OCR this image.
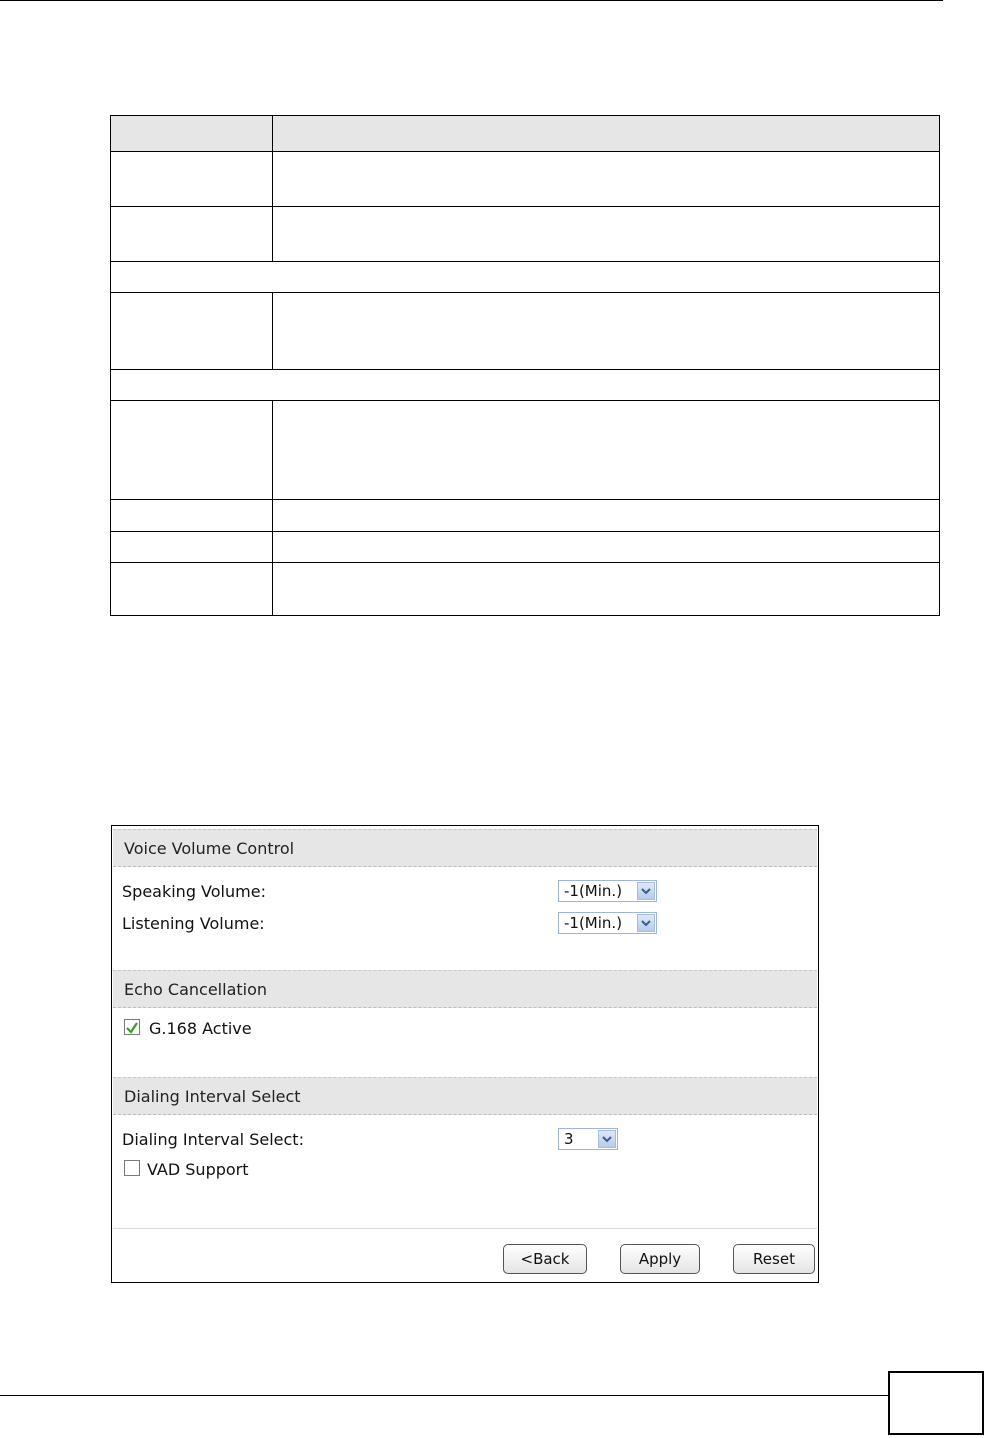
Voice Volume Control
Speaking Volume:	-1(Min.)
Listening Volume:	-1(Min.)
Echo Cancellation
G.168 Active
Dialing Interval Select
Dialing Interval Select:	3
VAD Support
<Back	Apply	Reset
